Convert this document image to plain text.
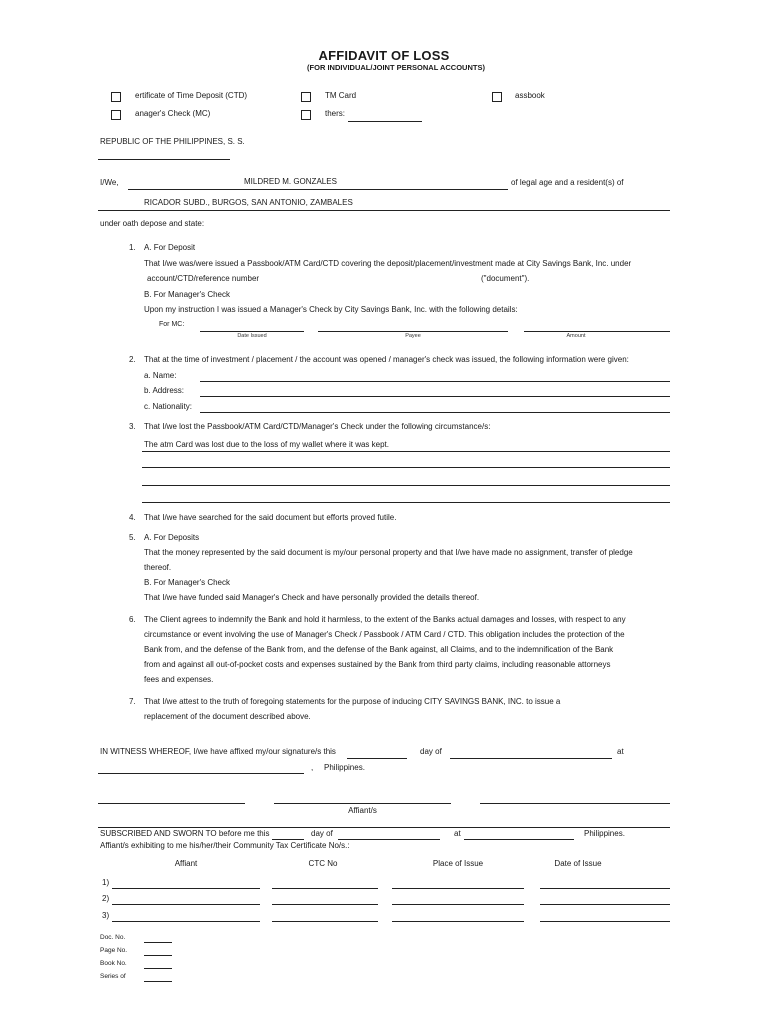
AFFIDAVIT OF LOSS
(FOR INDIVIDUAL/JOINT PERSONAL ACCOUNTS)
ertificate of Time Deposit (CTD)
anager's Check (MC)
TM Card
thers:
assbook
REPUBLIC OF THE PHILIPPINES, S. S.
I/We,	MILDRED M. GONZALES	of legal age and a resident(s) of
RICADOR SUBD., BURGOS, SAN ANTONIO, ZAMBALES
under oath depose and state:
1. A. For Deposit
That I/we was/were issued a Passbook/ATM Card/CTD covering the deposit/placement/investment made at City Savings Bank, Inc. under
account/CTD/reference number	("document").
B. For Manager's Check
Upon my instruction I was issued a Manager's Check by City Savings Bank, Inc. with the following details:
For MC:
Date Issued	Payee	Amount
2. That at the time of investment / placement / the account was opened / manager's check was issued, the following information were given:
a. Name:
b. Address:
c. Nationality:
3. That I/we lost the Passbook/ATM Card/CTD/Manager's Check under the following circumstance/s:
The atm Card was lost due to the loss of my wallet where it was kept.
4. That I/we have searched for the said document but efforts proved futile.
5. A. For Deposits
That the money represented by the said document is my/our personal property and that I/we have made no assignment, transfer of pledge
thereof.
B. For Manager's Check
That I/we have funded said Manager's Check and have personally provided the details thereof.
6. The Client agrees to indemnify the Bank and hold it harmless, to the extent of the Banks actual damages and losses, with respect to any
circumstance or event involving the use of Manager's Check / Passbook / ATM Card / CTD. This obligation includes the protection of the
Bank from, and the defense of the Bank from, and the defense of the Bank against, all Claims, and to the indemnification of the Bank
from and against all out-of-pocket costs and expenses sustained by the Bank from third party claims, including reasonable attorneys
fees and expenses.
7. That I/we attest to the truth of foregoing statements for the purpose of inducing CITY SAVINGS BANK, INC. to issue a
replacement of the document described above.
IN WITNESS WHEREOF, I/we have affixed my/our signature/s this	day of	at
, Philippines.
Affiant/s
SUBSCRIBED AND SWORN TO before me this	day of	at	Philippines.
Affiant/s exhibiting to me his/her/their Community Tax Certificate No/s.:
Affiant	CTC No	Place of Issue	Date of Issue
1)
2)
3)
Doc. No.
Page No.
Book No.
Series of
